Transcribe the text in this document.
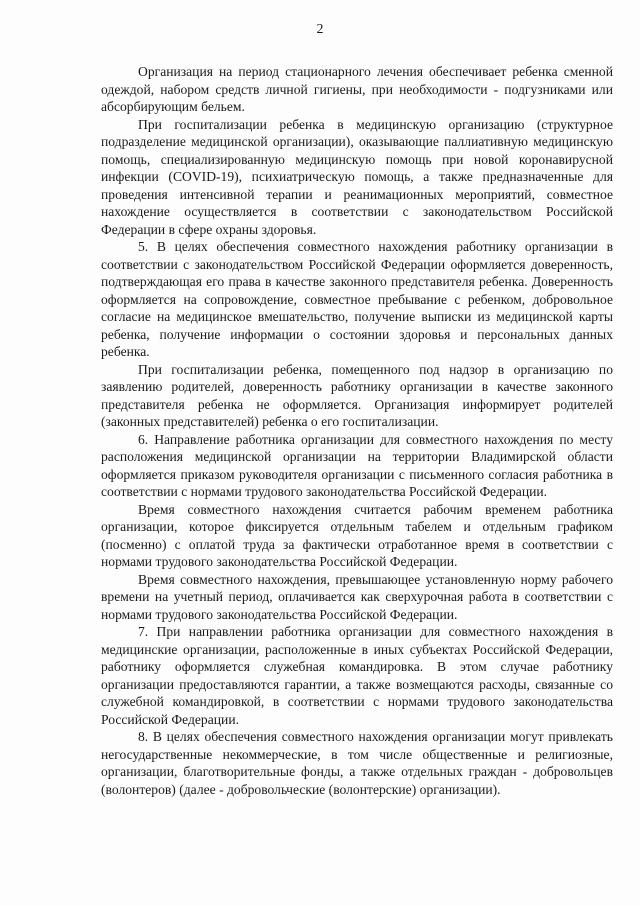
2

Организация на период стационарного лечения обеспечивает ребенка сменной одеждой, набором средств личной гигиены, при необходимости - подгузниками или абсорбирующим бельем.

При госпитализации ребенка в медицинскую организацию (структурное подразделение медицинской организации), оказывающие паллиативную медицинскую помощь, специализированную медицинскую помощь при новой коронавирусной инфекции (COVID-19), психиатрическую помощь, а также предназначенные для проведения интенсивной терапии и реанимационных мероприятий, совместное нахождение осуществляется в соответствии с законодательством Российской Федерации в сфере охраны здоровья.

5. В целях обеспечения совместного нахождения работнику организации в соответствии с законодательством Российской Федерации оформляется доверенность, подтверждающая его права в качестве законного представителя ребенка. Доверенность оформляется на сопровождение, совместное пребывание с ребенком, добровольное согласие на медицинское вмешательство, получение выписки из медицинской карты ребенка, получение информации о состоянии здоровья и персональных данных ребенка.

При госпитализации ребенка, помещенного под надзор в организацию по заявлению родителей, доверенность работнику организации в качестве законного представителя ребенка не оформляется. Организация информирует родителей (законных представителей) ребенка о его госпитализации.

6. Направление работника организации для совместного нахождения по месту расположения медицинской организации на территории Владимирской области оформляется приказом руководителя организации с письменного согласия работника в соответствии с нормами трудового законодательства Российской Федерации.

Время совместного нахождения считается рабочим временем работника организации, которое фиксируется отдельным табелем и отдельным графиком (посменно) с оплатой труда за фактически отработанное время в соответствии с нормами трудового законодательства Российской Федерации.

Время совместного нахождения, превышающее установленную норму рабочего времени на учетный период, оплачивается как сверхурочная работа в соответствии с нормами трудового законодательства Российской Федерации.

7. При направлении работника организации для совместного нахождения в медицинские организации, расположенные в иных субъектах Российской Федерации, работнику оформляется служебная командировка. В этом случае работнику организации предоставляются гарантии, а также возмещаются расходы, связанные со служебной командировкой, в соответствии с нормами трудового законодательства Российской Федерации.

8. В целях обеспечения совместного нахождения организации могут привлекать негосударственные некоммерческие, в том числе общественные и религиозные, организации, благотворительные фонды, а также отдельных граждан - добровольцев (волонтеров) (далее - добровольческие (волонтерские) организации).
